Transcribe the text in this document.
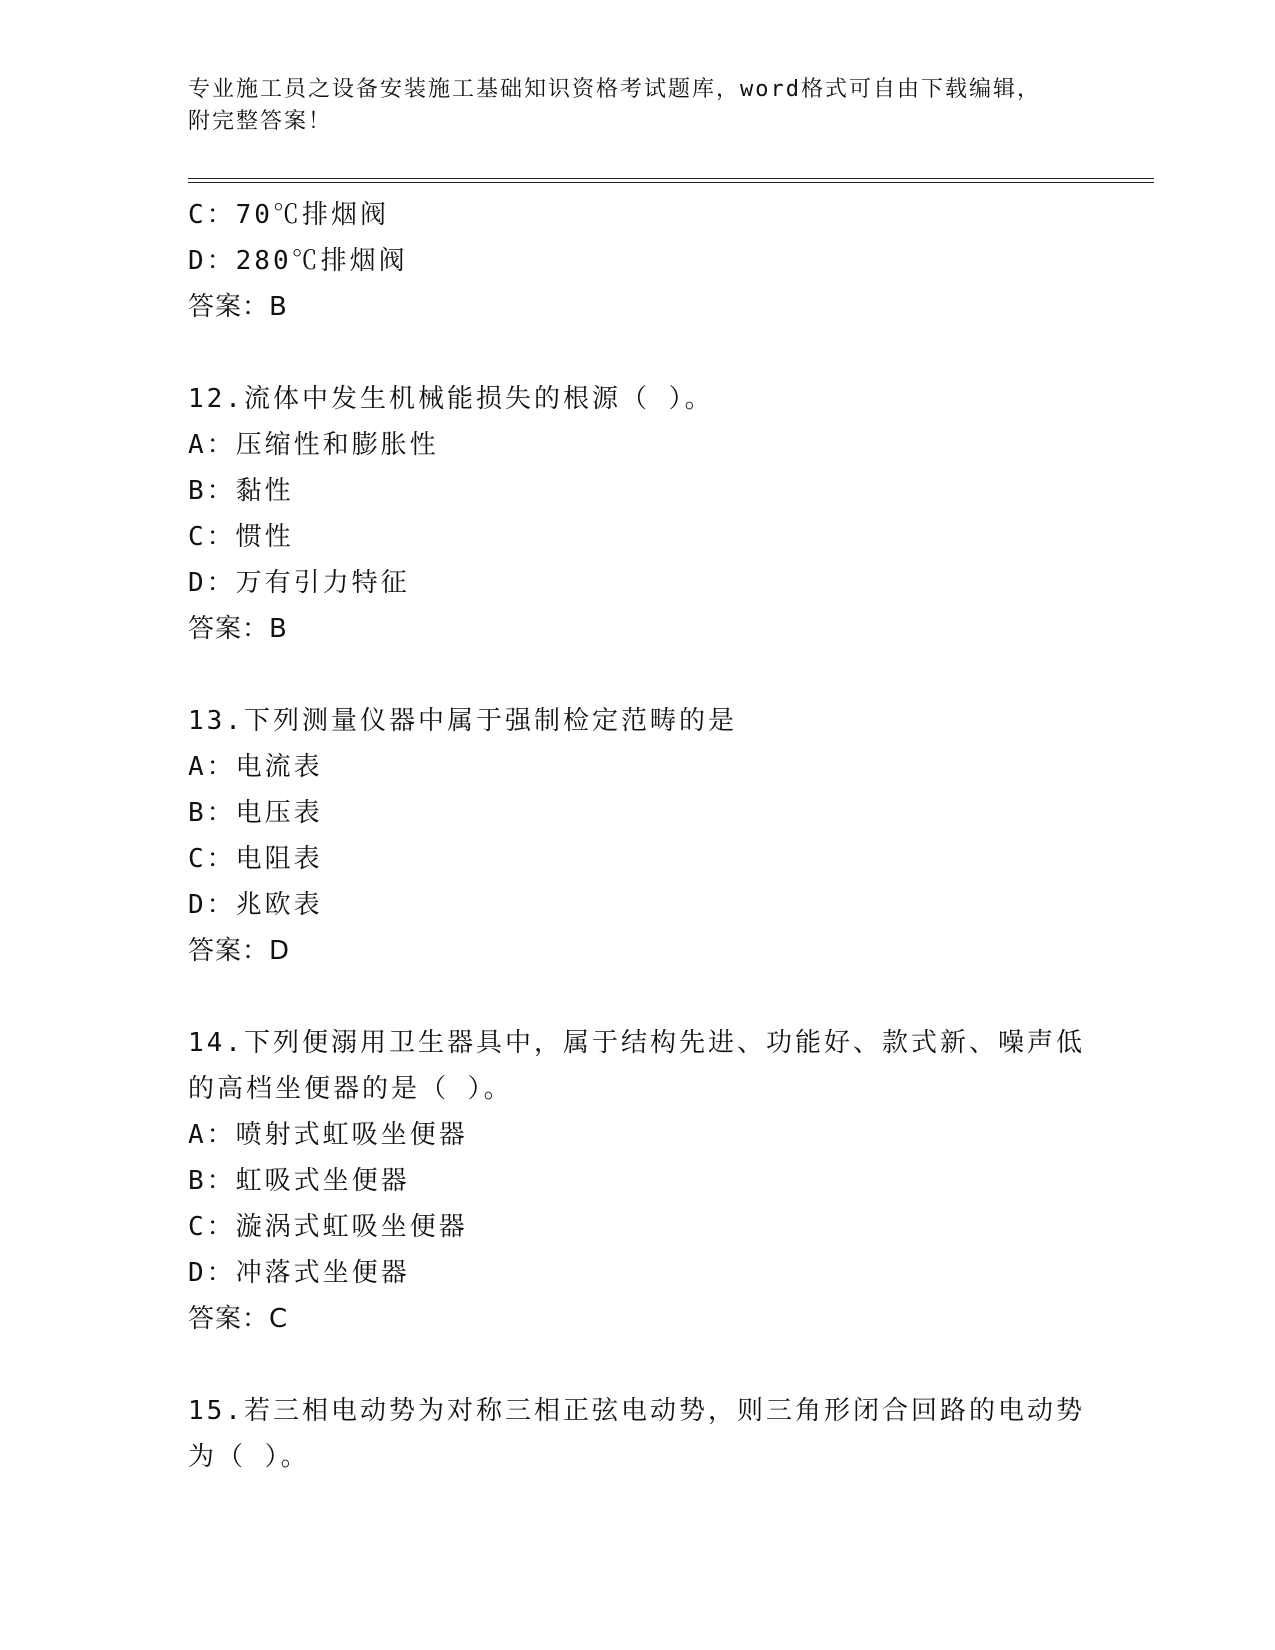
专业施工员之设备安装施工基础知识资格考试题库，word格式可自由下载编辑，
附完整答案！
C：70℃排烟阀
D：280℃排烟阀
答案：B
12.流体中发生机械能损失的根源（ ）。
A：压缩性和膨胀性
B：黏性
C：惯性
D：万有引力特征
答案：B
13.下列测量仪器中属于强制检定范畴的是
A：电流表
B：电压表
C：电阻表
D：兆欧表
答案：D
14.下列便溺用卫生器具中，属于结构先进、功能好、款式新、噪声低
的高档坐便器的是（ ）。
A：喷射式虹吸坐便器
B：虹吸式坐便器
C：漩涡式虹吸坐便器
D：冲落式坐便器
答案：C
15.若三相电动势为对称三相正弦电动势，则三角形闭合回路的电动势
为（ ）。
